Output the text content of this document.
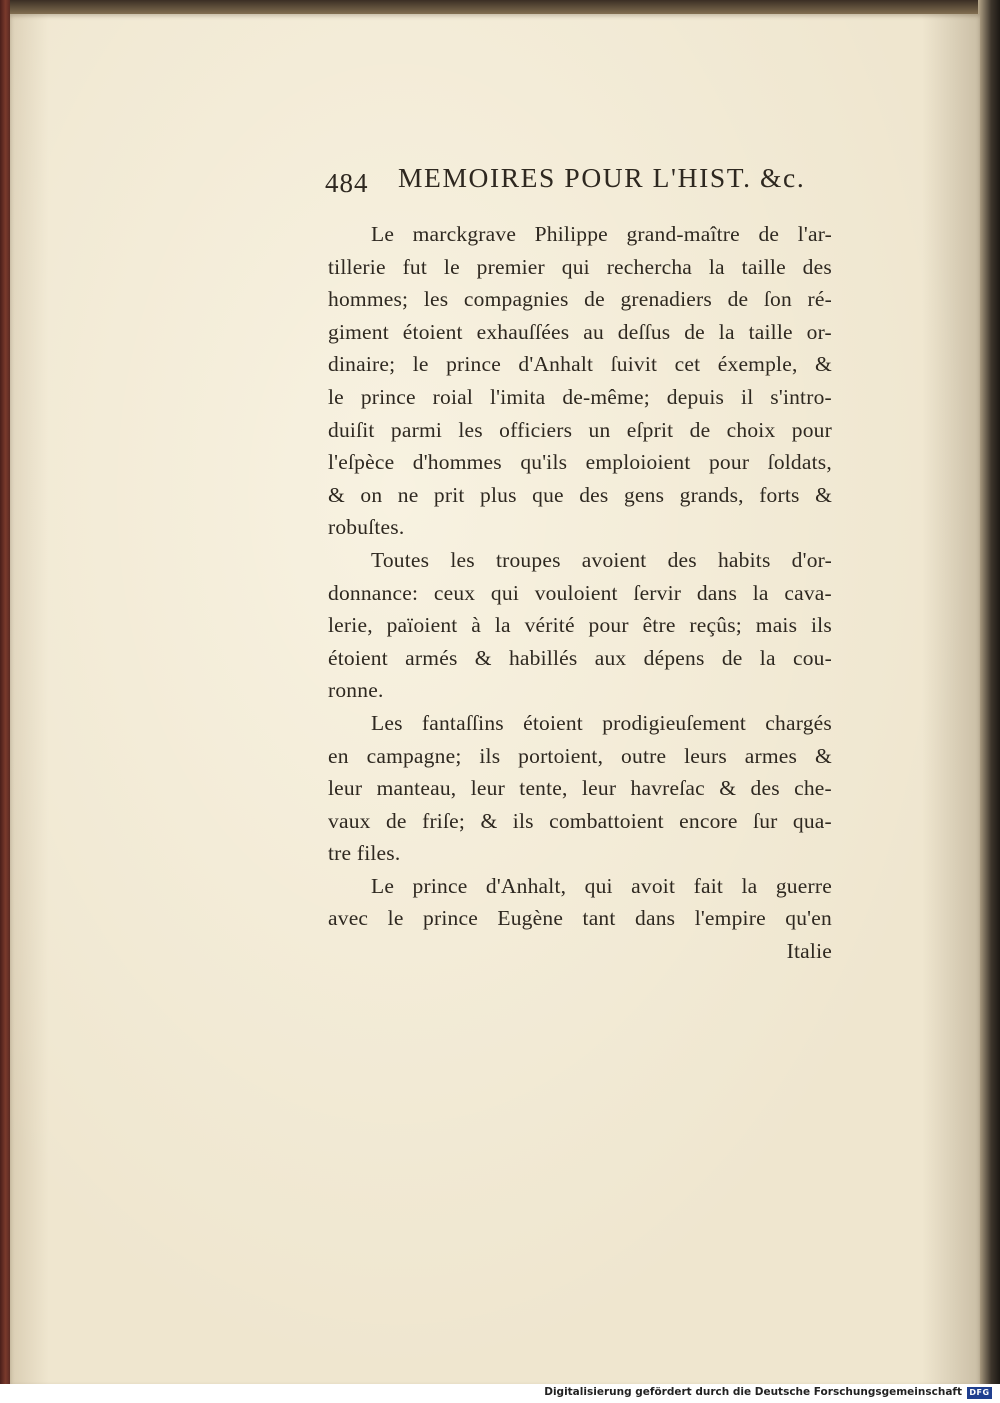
484 MEMOIRES POUR L'HIST. &c.
Le marckgrave Philippe grand-maître de l'ar-
tillerie fut le premier qui rechercha la taille des
hommes; les compagnies de grenadiers de ſon ré-
giment étoient exhauſſées au deſſus de la taille or-
dinaire; le prince d'Anhalt ſuivit cet éxemple, &
le prince roial l'imita de-même; depuis il s'intro-
duiſit parmi les officiers un eſprit de choix pour
l'eſpèce d'hommes qu'ils emploioient pour ſoldats,
& on ne prit plus que des gens grands, forts &
robuſtes.
Toutes les troupes avoient des habits d'or-
donnance: ceux qui vouloient ſervir dans la cava-
lerie, païoient à la vérité pour être reçûs; mais ils
étoient armés & habillés aux dépens de la cou-
ronne.
Les fantaſſins étoient prodigieuſement chargés
en campagne; ils portoient, outre leurs armes &
leur manteau, leur tente, leur havreſac & des che-
vaux de friſe; & ils combattoient encore ſur qua-
tre files.
Le prince d'Anhalt, qui avoit fait la guerre
avec le prince Eugène tant dans l'empire qu'en
Italie
Digitalisierung gefördert durch die Deutsche Forschungsgemeinschaft DFG
